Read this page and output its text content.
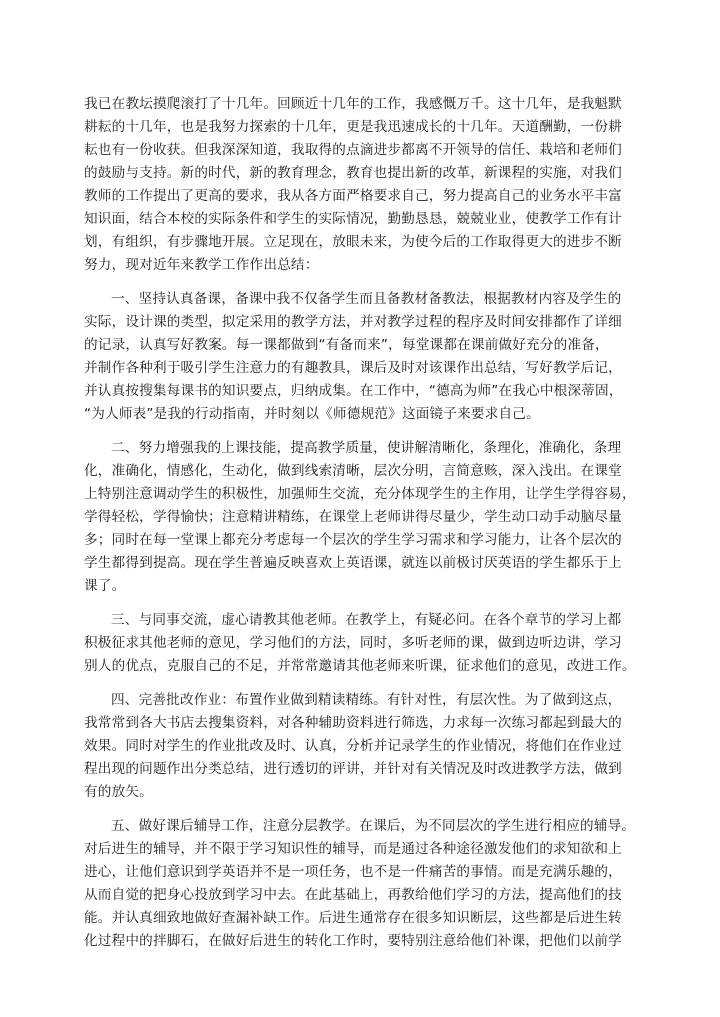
我已在教坛摸爬滚打了十几年。回顾近十几年的工作，我感慨万千。这十几年，是我魁默
耕耘的十几年，也是我努力探索的十几年，更是我迅速成长的十几年。天道酬勤，一份耕
耘也有一份收获。但我深深知道，我取得的点滴进步都离不开领导的信任、栽培和老师们
的鼓励与支持。新的时代，新的教育理念，教育也提出新的改革，新课程的实施，对我们
教师的工作提出了更高的要求，我从各方面严格要求自己，努力提高自己的业务水平丰富
知识面，结合本校的实际条件和学生的实际情况，勤勤恳恳，兢兢业业，使教学工作有计
划，有组织，有步骤地开展。立足现在，放眼未来，为使今后的工作取得更大的进步不断
努力，现对近年来教学工作作出总结：
一、坚持认真备课，备课中我不仅备学生而且备教材备教法，根据教材内容及学生的
实际，设计课的类型，拟定采用的教学方法，并对教学过程的程序及时间安排都作了详细
的记录，认真写好教案。每一课都做到“有备而来”，每堂课都在课前做好充分的准备，
并制作各种利于吸引学生注意力的有趣教具，课后及时对该课作出总结，写好教学后记，
并认真按搜集每课书的知识要点，归纳成集。在工作中，“德高为师”在我心中根深蒂固，
“为人师表”是我的行动指南，并时刻以《师德规范》这面镜子来要求自己。
二、努力增强我的上课技能，提高教学质量，使讲解清晰化，条理化，准确化，条理
化，准确化，情感化，生动化，做到线索清晰，层次分明，言简意赅，深入浅出。在课堂
上特别注意调动学生的积极性，加强师生交流，充分体现学生的主作用，让学生学得容易，
学得轻松，学得愉快；注意精讲精练，在课堂上老师讲得尽量少，学生动口动手动脑尽量
多；同时在每一堂课上都充分考虑每一个层次的学生学习需求和学习能力，让各个层次的
学生都得到提高。现在学生普遍反映喜欢上英语课，就连以前极讨厌英语的学生都乐于上
课了。
三、与同事交流，虚心请教其他老师。在教学上，有疑必问。在各个章节的学习上都
积极征求其他老师的意见，学习他们的方法，同时，多听老师的课，做到边听边讲，学习
别人的优点，克服自己的不足，并常常邀请其他老师来听课，征求他们的意见，改进工作。
四、完善批改作业：布置作业做到精读精练。有针对性，有层次性。为了做到这点，
我常常到各大书店去搜集资料，对各种辅助资料进行筛选，力求每一次练习都起到最大的
效果。同时对学生的作业批改及时、认真，分析并记录学生的作业情况，将他们在作业过
程出现的问题作出分类总结，进行透切的评讲，并针对有关情况及时改进教学方法，做到
有的放矢。
五、做好课后辅导工作，注意分层教学。在课后，为不同层次的学生进行相应的辅导。
对后进生的辅导，并不限于学习知识性的辅导，而是通过各种途径激发他们的求知欲和上
进心，让他们意识到学英语并不是一项任务，也不是一件痛苦的事情。而是充满乐趣的，
从而自觉的把身心投放到学习中去。在此基础上，再教给他们学习的方法，提高他们的技
能。并认真细致地做好查漏补缺工作。后进生通常存在很多知识断层，这些都是后进生转
化过程中的拌脚石，在做好后进生的转化工作时，要特别注意给他们补课，把他们以前学
